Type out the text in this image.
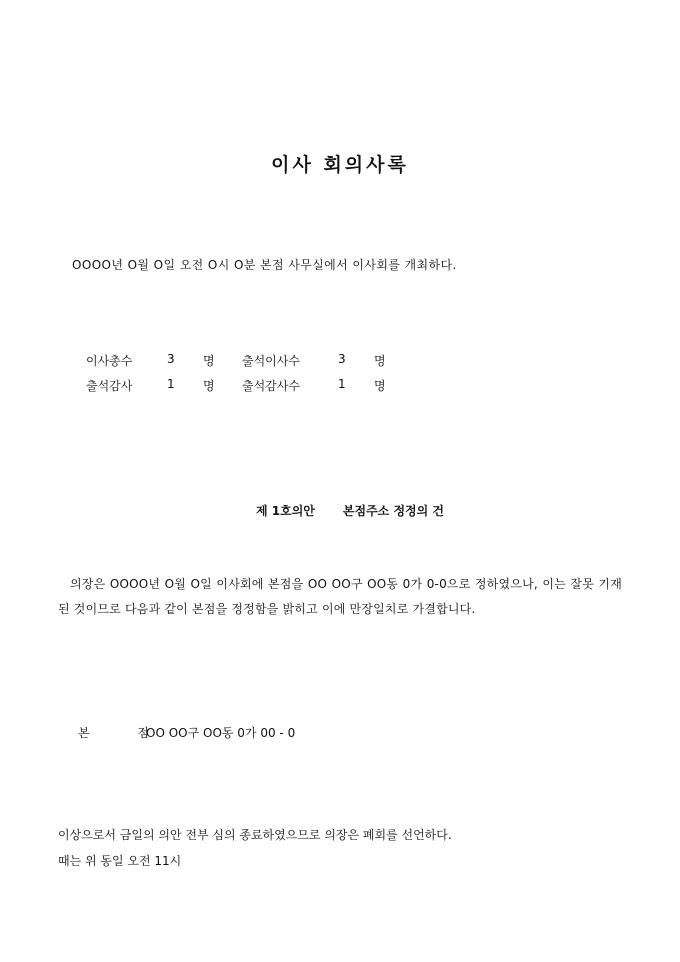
이사 회의사록
OOOO년 O월 O일 오전 O시 O분 본점 사무실에서 이사회를 개최하다.
이사총수	3 명 출석이사수	3 명
출석감사	1 명 출석감사수	1 명
제 1호의안 본점주소 정정의 건
의장은 OOOO년 O월 O일 이사회에 본점을 OO OO구 OO동 0가 0-0으로 정하였으나, 이는 잘못 기재된 것이므로 다음과 같이 본점을 정정함을 밝히고 이에 만장일치로 가결합니다.
본 점OO OO구 OO동 0가 00 - 0
이상으로서 금일의 의안 전부 심의 종료하였으므로 의장은 폐회를 선언하다.
때는 위 동일 오전 11시
